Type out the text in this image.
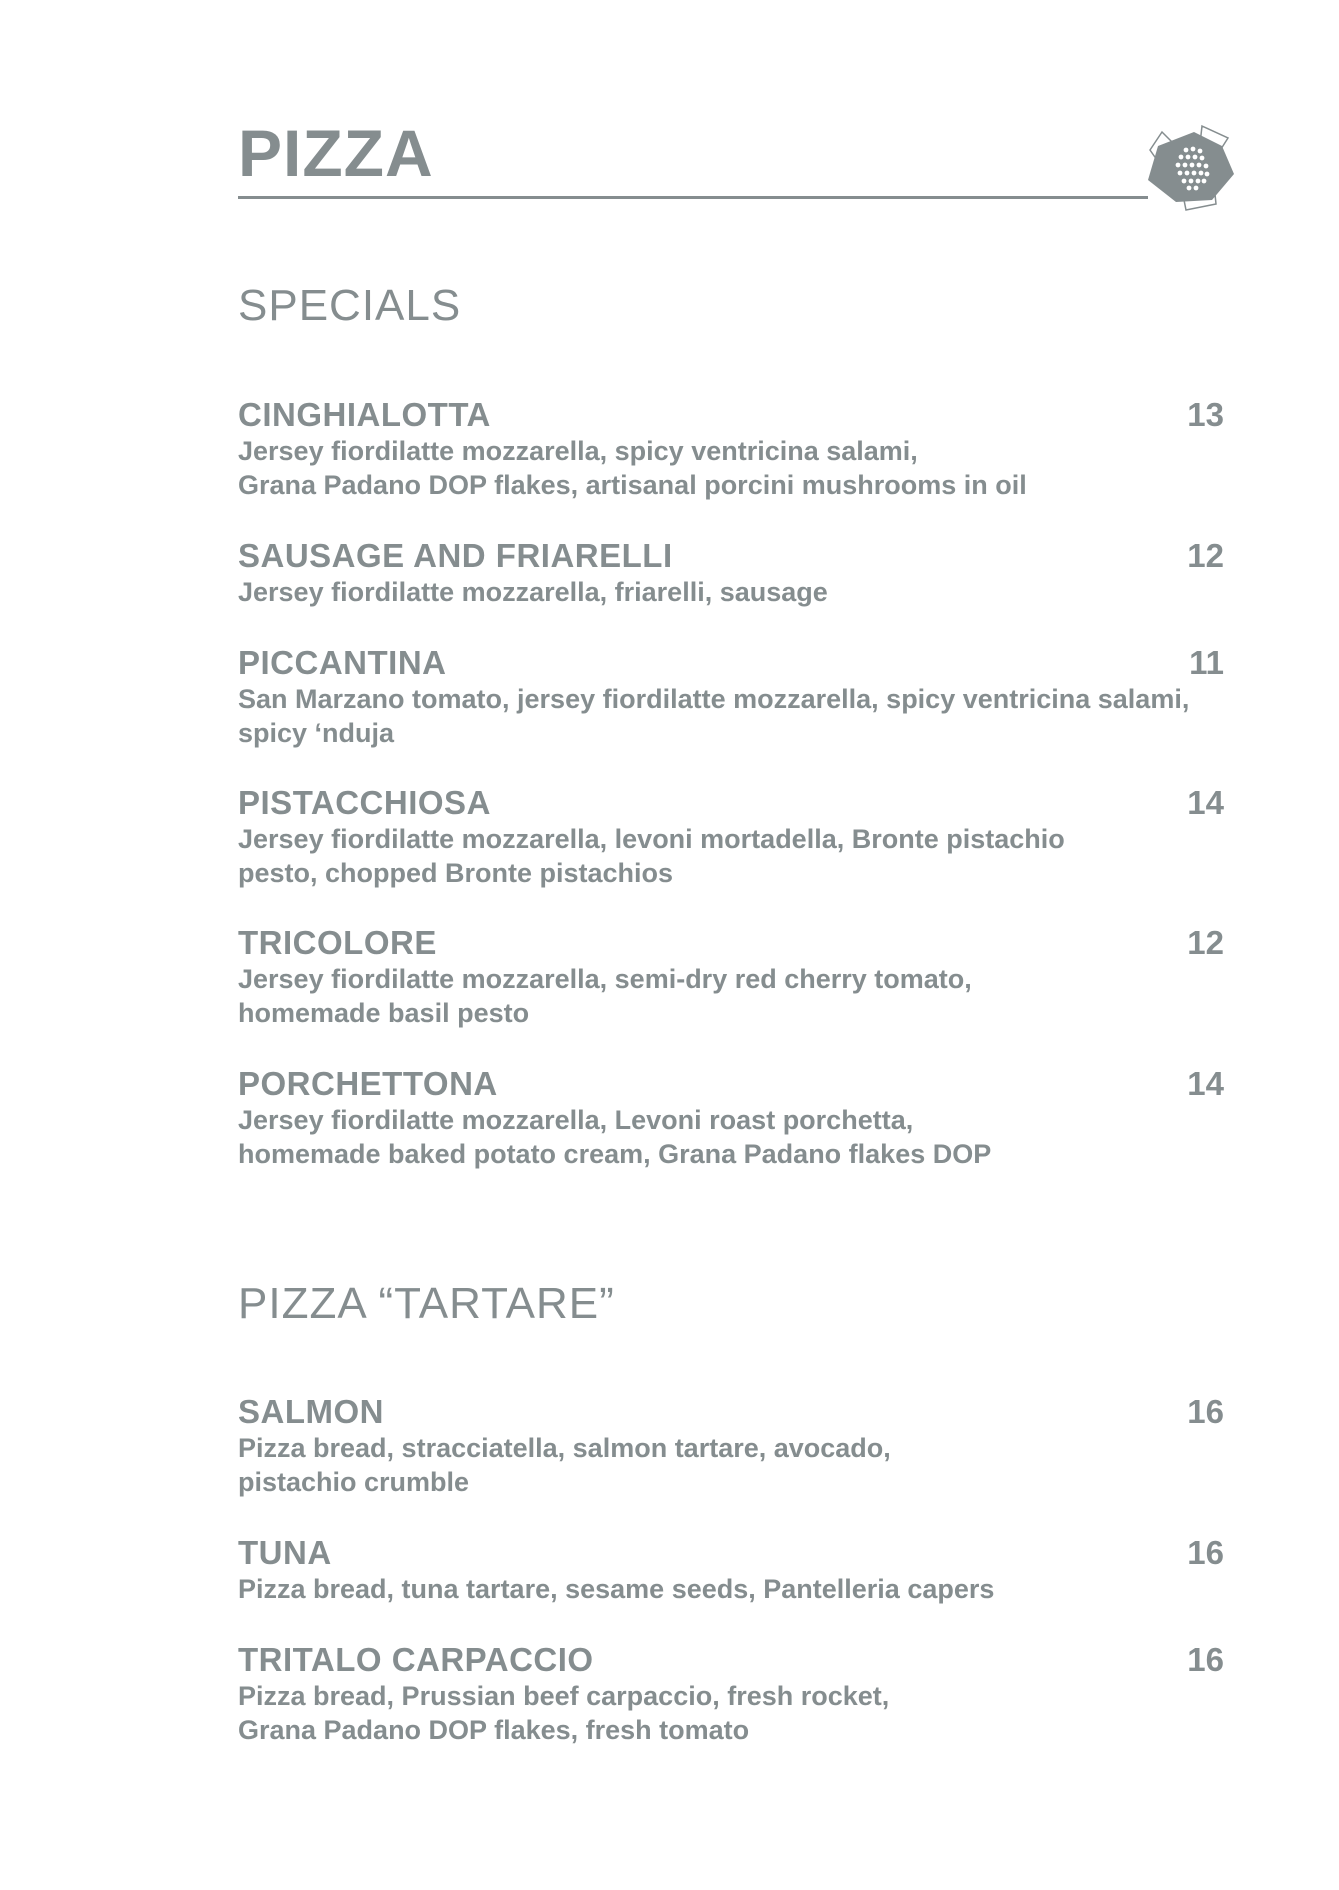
PIZZA
SPECIALS
CINGHIALOTTA	13

Jersey fiordilatte mozzarella, spicy ventricina salami,

Grana Padano DOP flakes, artisanal porcini mushrooms in oil

SAUSAGE AND FRIARELLI	12

Jersey fiordilatte mozzarella, friarelli, sausage

PICCANTINA	11

San Marzano tomato, jersey fiordilatte mozzarella, spicy ventricina salami,

spicy ‘nduja

PISTACCHIOSA	14

Jersey fiordilatte mozzarella, levoni mortadella, Bronte pistachio

pesto, chopped Bronte pistachios

TRICOLORE	12

Jersey fiordilatte mozzarella, semi-dry red cherry tomato,

homemade basil pesto

PORCHETTONA	14

Jersey fiordilatte mozzarella, Levoni roast porchetta,

homemade baked potato cream, Grana Padano flakes DOP

PIZZA “TARTARE”
SALMON	16

Pizza bread, stracciatella, salmon tartare, avocado,

pistachio crumble

TUNA	16

Pizza bread, tuna tartare, sesame seeds, Pantelleria capers

TRITALO CARPACCIO	16

Pizza bread, Prussian beef carpaccio, fresh rocket,

Grana Padano DOP flakes, fresh tomato
